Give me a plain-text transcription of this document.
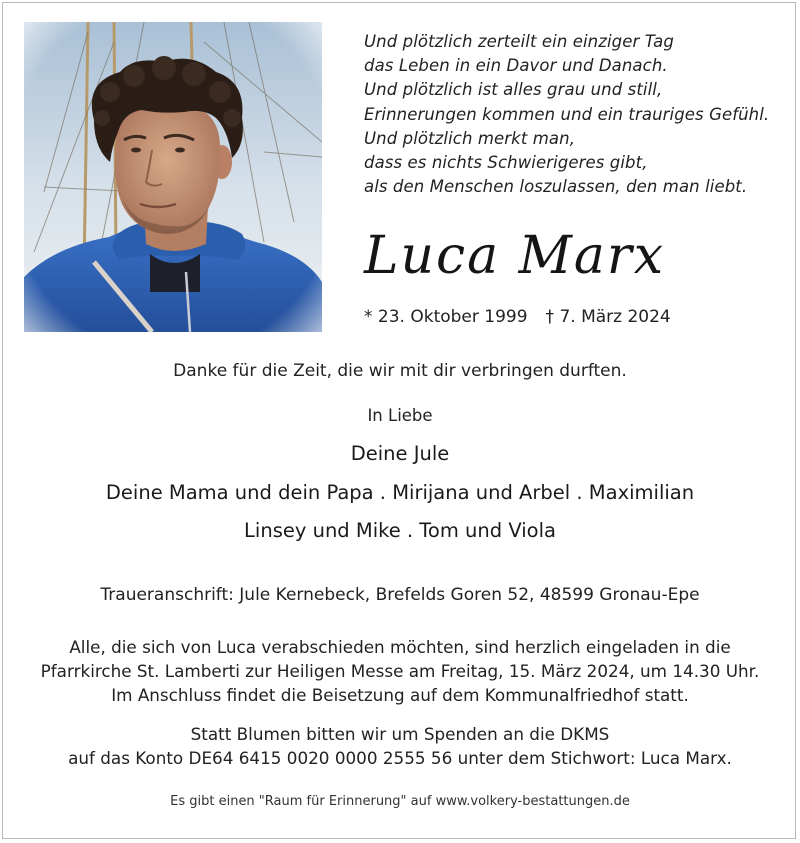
Und plötzlich zerteilt ein einziger Tag
das Leben in ein Davor und Danach.
Und plötzlich ist alles grau und still,
Erinnerungen kommen und ein trauriges Gefühl.
Und plötzlich merkt man,
dass es nichts Schwierigeres gibt,
als den Menschen loszulassen, den man liebt.
Luca Marx
* 23. Oktober 1999 † 7. März 2024
Danke für die Zeit, die wir mit dir verbringen durften.
In Liebe
Deine Jule
Deine Mama und dein Papa . Mirijana und Arbel . Maximilian
Linsey und Mike . Tom und Viola
Traueranschrift: Jule Kernebeck, Brefelds Goren 52, 48599 Gronau-Epe
Alle, die sich von Luca verabschieden möchten, sind herzlich eingeladen in die
Pfarrkirche St. Lamberti zur Heiligen Messe am Freitag, 15. März 2024, um 14.30 Uhr.
Im Anschluss findet die Beisetzung auf dem Kommunalfriedhof statt.
Statt Blumen bitten wir um Spenden an die DKMS
auf das Konto DE64 6415 0020 0000 2555 56 unter dem Stichwort: Luca Marx.
Es gibt einen "Raum für Erinnerung" auf www.volkery-bestattungen.de
